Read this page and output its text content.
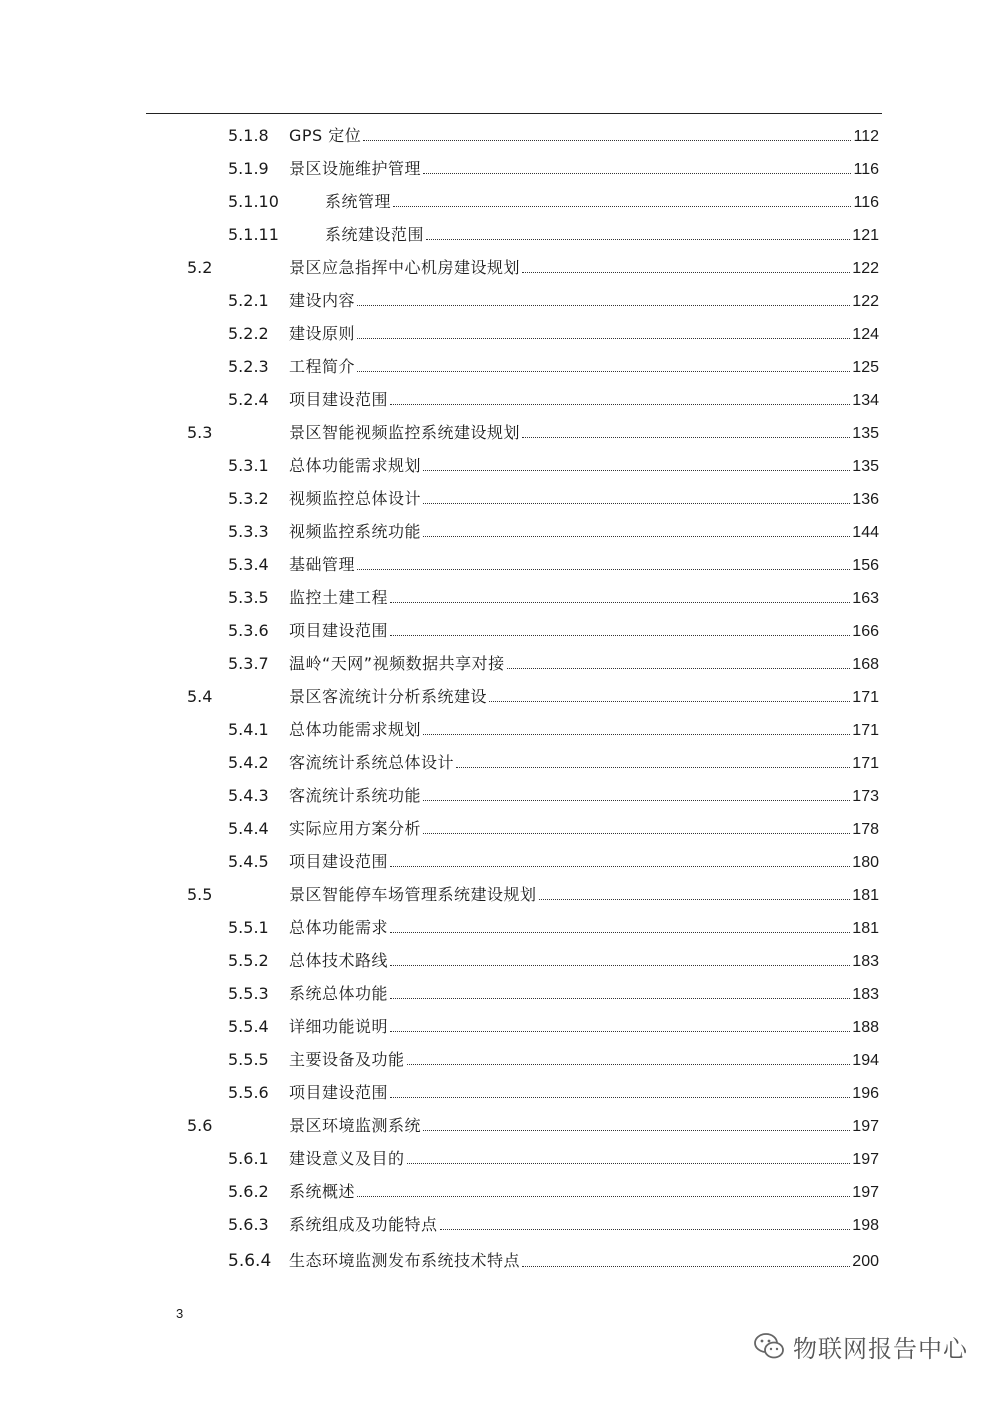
5.1.8 GPS 定位	112
5.1.9 景区设施维护管理	116
5.1.10	系统管理	116
5.1.11	系统建设范围	121
5.2	景区应急指挥中心机房建设规划	122
5.2.1 建设内容	122
5.2.2 建设原则	124
5.2.3 工程简介	125
5.2.4 项目建设范围	134
5.3	景区智能视频监控系统建设规划	135
5.3.1 总体功能需求规划	135
5.3.2 视频监控总体设计	136
5.3.3 视频监控系统功能	144
5.3.4 基础管理	156
5.3.5 监控土建工程	163
5.3.6 项目建设范围	166
5.3.7 温岭“天网”视频数据共享对接	168
5.4	景区客流统计分析系统建设	171
5.4.1 总体功能需求规划	171
5.4.2 客流统计系统总体设计	171
5.4.3 客流统计系统功能	173
5.4.4 实际应用方案分析	178
5.4.5 项目建设范围	180
5.5	景区智能停车场管理系统建设规划	181
5.5.1 总体功能需求	181
5.5.2 总体技术路线	183
5.5.3 系统总体功能	183
5.5.4 详细功能说明	188
5.5.5 主要设备及功能	194
5.5.6 项目建设范围	196
5.6	景区环境监测系统	197
5.6.1 建设意义及目的	197
5.6.2 系统概述	197
5.6.3 系统组成及功能特点	198
5.6.4 生态环境监测发布系统技术特点	200
3
物联网报告中心
